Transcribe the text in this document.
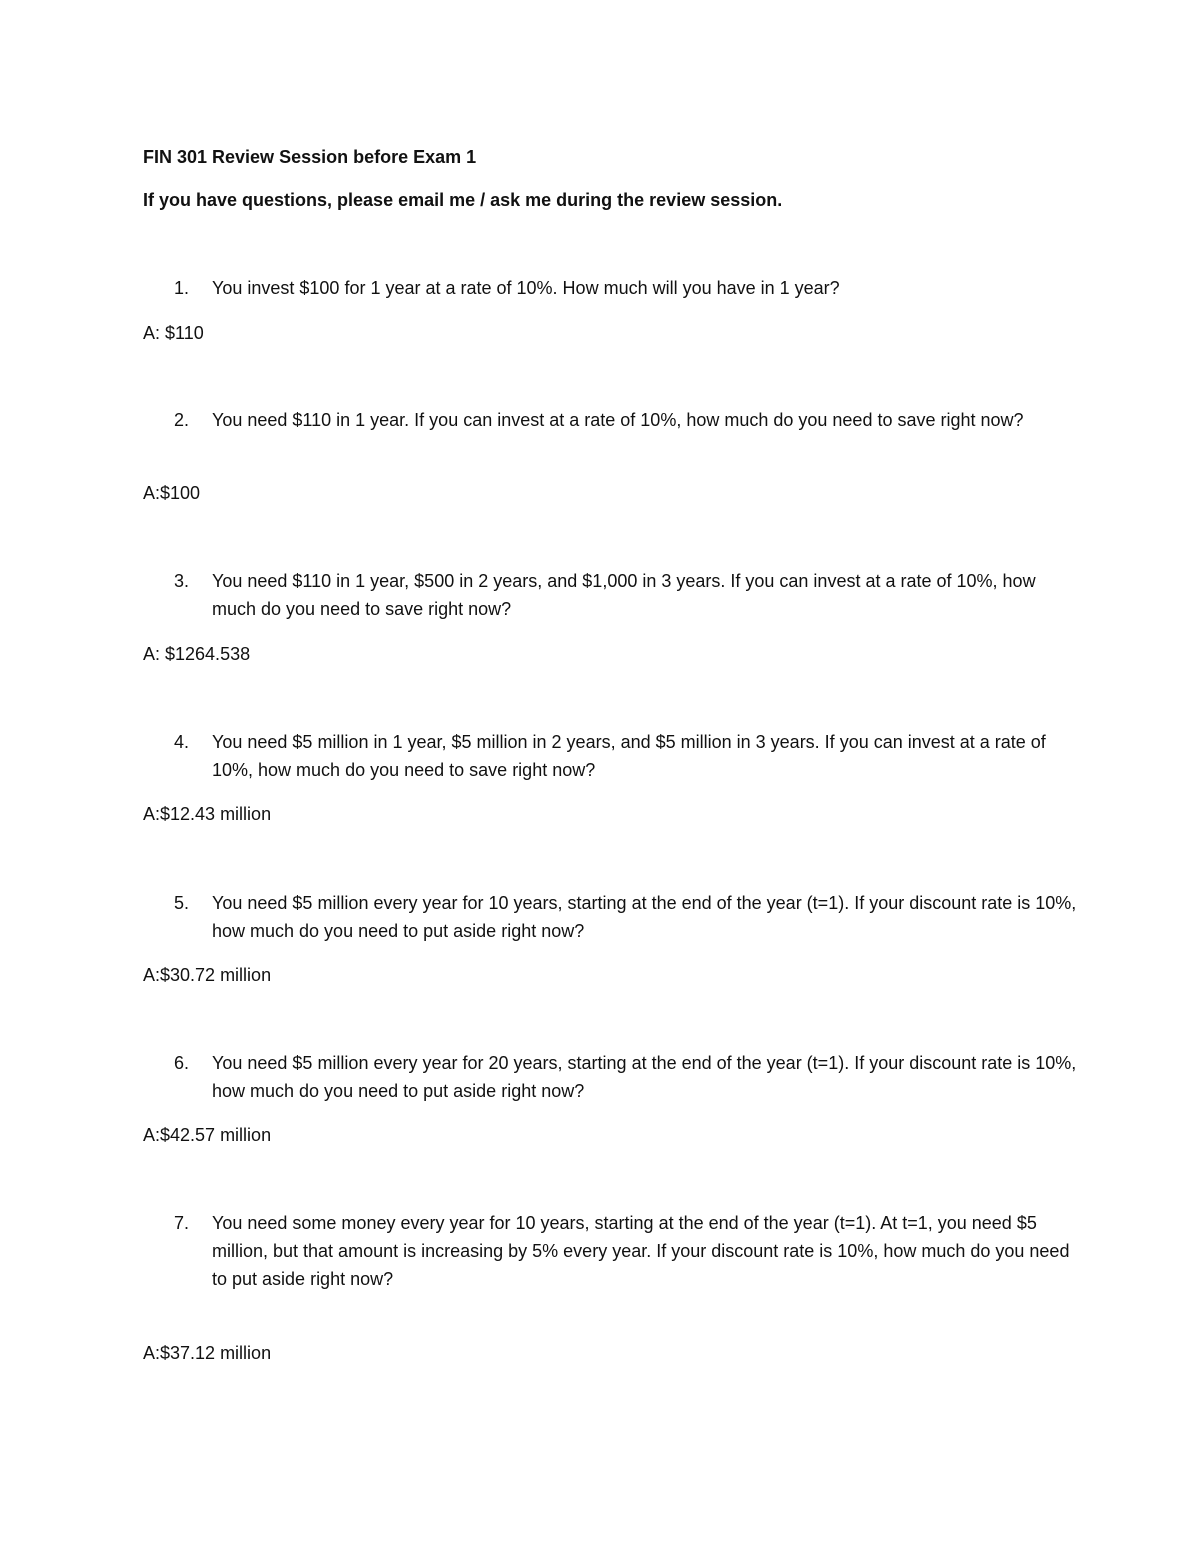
FIN 301 Review Session before Exam 1
If you have questions, please email me / ask me during the review session.
1. You invest $100 for 1 year at a rate of 10%. How much will you have in 1 year?
A: $110
2. You need $110 in 1 year. If you can invest at a rate of 10%, how much do you need to save right now?
A:$100
3. You need $110 in 1 year, $500 in 2 years, and $1,000 in 3 years. If you can invest at a rate of 10%, how much do you need to save right now?
A: $1264.538
4. You need $5 million in 1 year, $5 million in 2 years, and $5 million in 3 years. If you can invest at a rate of 10%, how much do you need to save right now?
A:$12.43 million
5. You need $5 million every year for 10 years, starting at the end of the year (t=1). If your discount rate is 10%, how much do you need to put aside right now?
A:$30.72 million
6. You need $5 million every year for 20 years, starting at the end of the year (t=1). If your discount rate is 10%, how much do you need to put aside right now?
A:$42.57 million
7. You need some money every year for 10 years, starting at the end of the year (t=1). At t=1, you need $5 million, but that amount is increasing by 5% every year. If your discount rate is 10%, how much do you need to put aside right now?
A:$37.12 million
